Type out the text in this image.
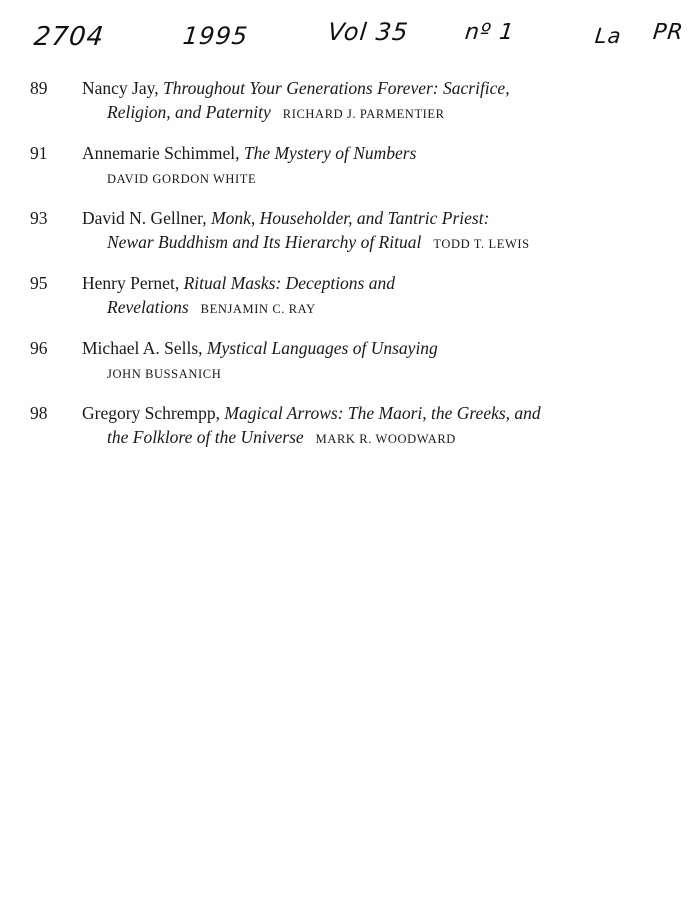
2704	1995	Vol 35 nº 1	La PR
89	Nancy Jay, Throughout Your Generations Forever: Sacrifice,
Religion, and Paternity RICHARD J. PARMENTIER
91	Annemarie Schimmel, The Mystery of Numbers
DAVID GORDON WHITE
93	David N. Gellner, Monk, Householder, and Tantric Priest:
Newar Buddhism and Its Hierarchy of Ritual TODD T. LEWIS
95	Henry Pernet, Ritual Masks: Deceptions and
Revelations BENJAMIN C. RAY
96	Michael A. Sells, Mystical Languages of Unsaying
JOHN BUSSANICH
98	Gregory Schrempp, Magical Arrows: The Maori, the Greeks, and
the Folklore of the Universe MARK R. WOODWARD
